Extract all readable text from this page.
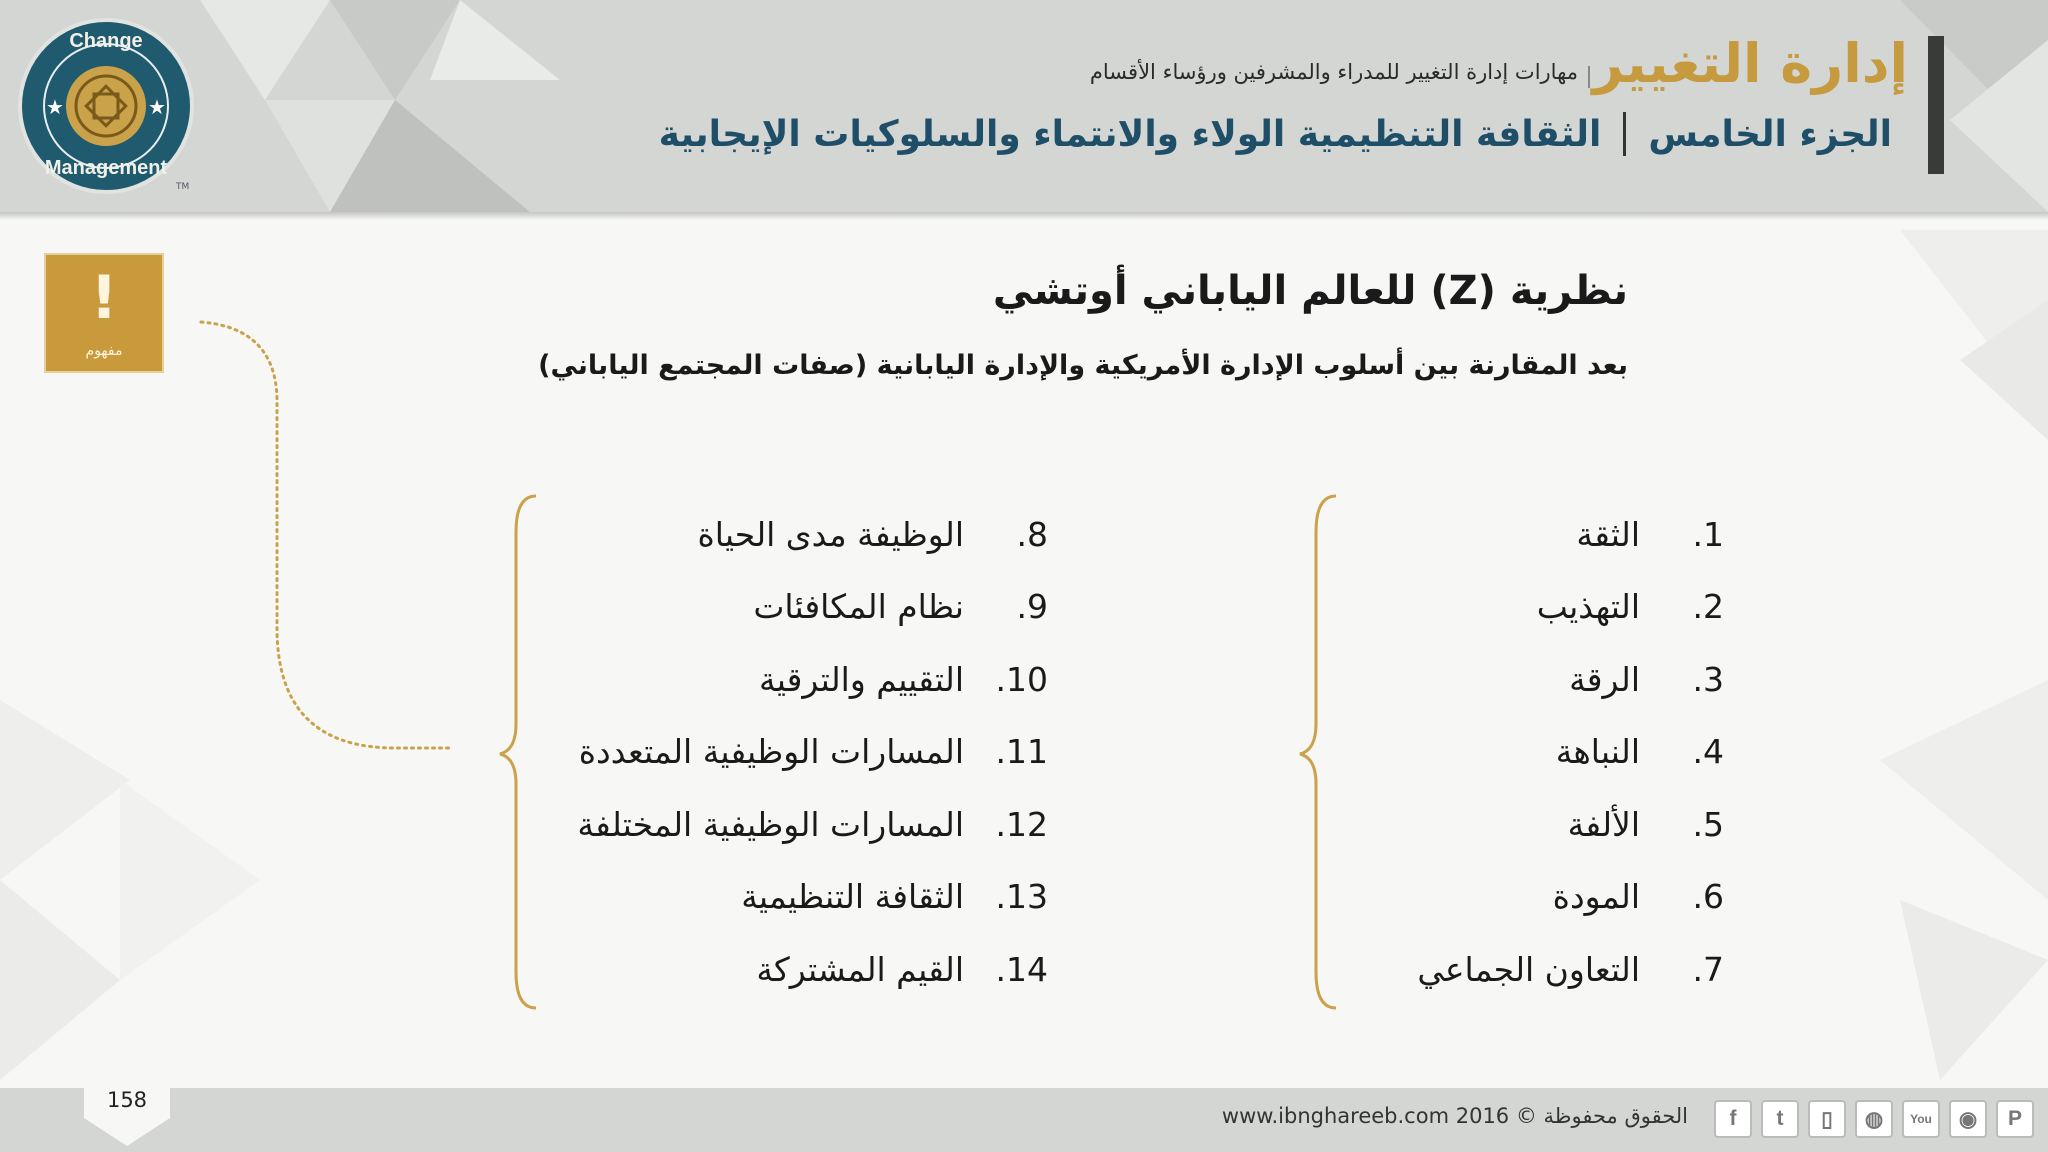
★	★
Change
Management
TM
إدارة التغيير
مهارات إدارة التغيير للمدراء والمشرفين ورؤساء الأقسام
الجزء الخامس
الثقافة التنظيمية الولاء والانتماء والسلوكيات الإيجابية
!
مفهوم
نظرية (Z) للعالم الياباني أوتشي
بعد المقارنة بين أسلوب الإدارة الأمريكية والإدارة اليابانية (صفات المجتمع الياباني)
1.
الثقة
2.
التهذيب
3.
الرقة
4.
النباهة
5.
الألفة
6.
المودة
7.
التعاون الجماعي
8.
الوظيفة مدى الحياة
9.
نظام المكافئات
10.
التقييم والترقية
11.
المسارات الوظيفية المتعددة
12.
المسارات الوظيفية المختلفة
13.
الثقافة التنظيمية
14.
القيم المشتركة
158
الحقوق محفوظة © 2016 www.ibnghareeb.com	f	t	▯	◍	You	◉	P
